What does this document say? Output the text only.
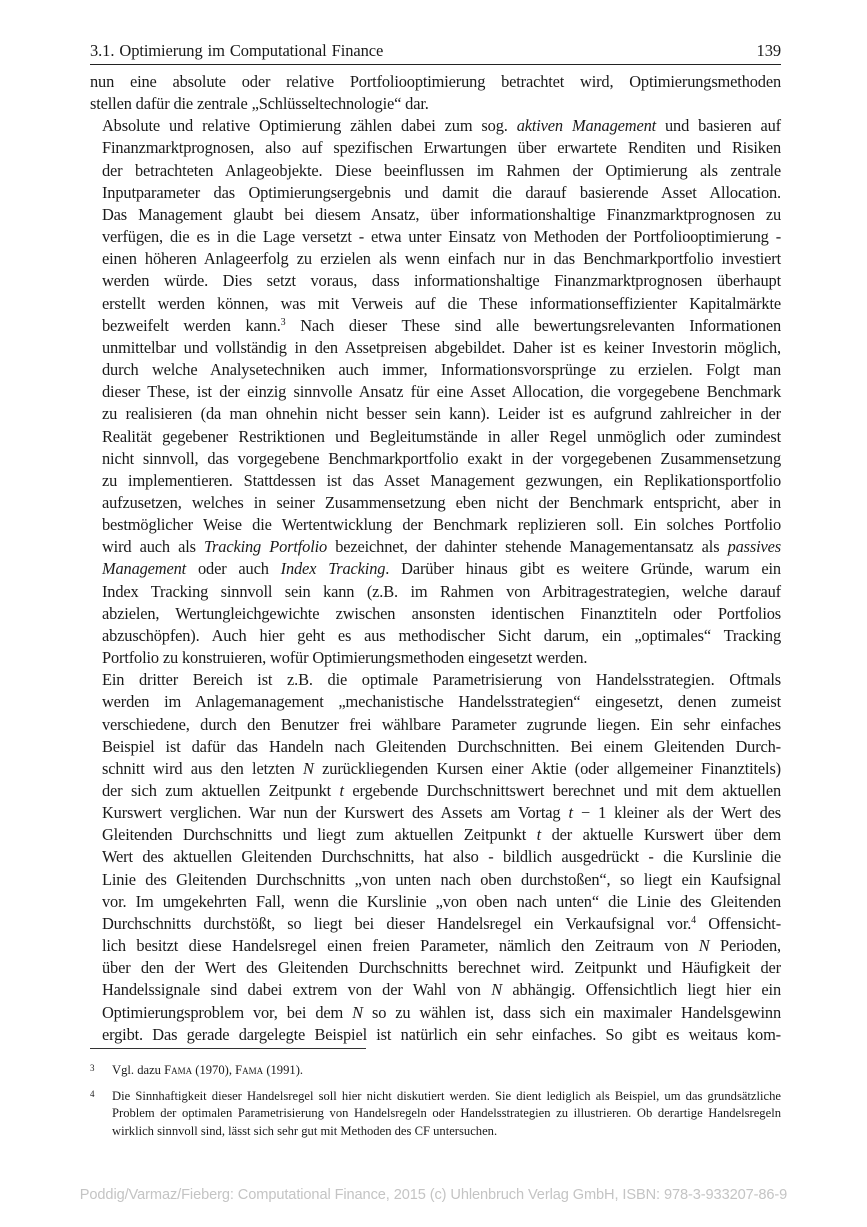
3.1. Optimierung im Computational Finance	139

nun eine absolute oder relative Portfoliooptimierung betrachtet wird, Optimierungsmethoden
stellen dafür die zentrale „Schlüsseltechnologie“ dar.

Absolute und relative Optimierung zählen dabei zum sog. aktiven Management und basieren auf
Finanzmarktprognosen, also auf spezifischen Erwartungen über erwartete Renditen und Risiken
der betrachteten Anlageobjekte. Diese beeinflussen im Rahmen der Optimierung als zentrale
Inputparameter das Optimierungsergebnis und damit die darauf basierende Asset Allocation.
Das Management glaubt bei diesem Ansatz, über informationshaltige Finanzmarktprognosen zu
verfügen, die es in die Lage versetzt - etwa unter Einsatz von Methoden der Portfoliooptimierung -
einen höheren Anlageerfolg zu erzielen als wenn einfach nur in das Benchmarkportfolio investiert
werden würde. Dies setzt voraus, dass informationshaltige Finanzmarktprognosen überhaupt
erstellt werden können, was mit Verweis auf die These informationseffizienter Kapitalmärkte
bezweifelt werden kann.$^3$ Nach dieser These sind alle bewertungsrelevanten Informationen
unmittelbar und vollständig in den Assetpreisen abgebildet. Daher ist es keiner Investorin möglich,
durch welche Analysetechniken auch immer, Informationsvorsprünge zu erzielen. Folgt man
dieser These, ist der einzig sinnvolle Ansatz für eine Asset Allocation, die vorgegebene Benchmark
zu realisieren (da man ohnehin nicht besser sein kann). Leider ist es aufgrund zahlreicher in der
Realität gegebener Restriktionen und Begleitumstände in aller Regel unmöglich oder zumindest
nicht sinnvoll, das vorgegebene Benchmarkportfolio exakt in der vorgegebenen Zusammensetzung
zu implementieren. Stattdessen ist das Asset Management gezwungen, ein Replikationsportfolio
aufzusetzen, welches in seiner Zusammensetzung eben nicht der Benchmark entspricht, aber in
bestmöglicher Weise die Wertentwicklung der Benchmark replizieren soll. Ein solches Portfolio
wird auch als Tracking Portfolio bezeichnet, der dahinter stehende Managementansatz als passives
Management oder auch Index Tracking. Darüber hinaus gibt es weitere Gründe, warum ein
Index Tracking sinnvoll sein kann (z.B. im Rahmen von Arbitragestrategien, welche darauf
abzielen, Wertungleichgewichte zwischen ansonsten identischen Finanztiteln oder Portfolios
abzuschöpfen). Auch hier geht es aus methodischer Sicht darum, ein „optimales“ Tracking
Portfolio zu konstruieren, wofür Optimierungsmethoden eingesetzt werden.

Ein dritter Bereich ist z.B. die optimale Parametrisierung von Handelsstrategien. Oftmals
werden im Anlagemanagement „mechanistische Handelsstrategien“ eingesetzt, denen zumeist
verschiedene, durch den Benutzer frei wählbare Parameter zugrunde liegen. Ein sehr einfaches
Beispiel ist dafür das Handeln nach Gleitenden Durchschnitten. Bei einem Gleitenden Durch-
schnitt wird aus den letzten N zurückliegenden Kursen einer Aktie (oder allgemeiner Finanztitels)
der sich zum aktuellen Zeitpunkt t ergebende Durchschnittswert berechnet und mit dem aktuellen
Kurswert verglichen. War nun der Kurswert des Assets am Vortag t − 1 kleiner als der Wert des
Gleitenden Durchschnitts und liegt zum aktuellen Zeitpunkt t der aktuelle Kurswert über dem
Wert des aktuellen Gleitenden Durchschnitts, hat also - bildlich ausgedrückt - die Kurslinie die
Linie des Gleitenden Durchschnitts „von unten nach oben durchstoßen“, so liegt ein Kaufsignal
vor. Im umgekehrten Fall, wenn die Kurslinie „von oben nach unten“ die Linie des Gleitenden
Durchschnitts durchstößt, so liegt bei dieser Handelsregel ein Verkaufsignal vor.$^4$ Offensicht-
lich besitzt diese Handelsregel einen freien Parameter, nämlich den Zeitraum von N Perioden,
über den der Wert des Gleitenden Durchschnitts berechnet wird. Zeitpunkt und Häufigkeit der
Handelssignale sind dabei extrem von der Wahl von N abhängig. Offensichtlich liegt hier ein
Optimierungsproblem vor, bei dem N so zu wählen ist, dass sich ein maximaler Handelsgewinn
ergibt. Das gerade dargelegte Beispiel ist natürlich ein sehr einfaches. So gibt es weitaus kom-

3	Vgl. dazu Fama (1970), Fama (1991).
4	Die Sinnhaftigkeit dieser Handelsregel soll hier nicht diskutiert werden. Sie dient lediglich als Beispiel, um das grundsätzliche Problem der optimalen Parametrisierung von Handelsregeln oder Handelsstrategien zu illustrieren. Ob derartige Handelsregeln wirklich sinnvoll sind, lässt sich sehr gut mit Methoden des CF untersuchen.
Poddig/Varmaz/Fieberg: Computational Finance, 2015 (c) Uhlenbruch Verlag GmbH, ISBN: 978-3-933207-86-9
